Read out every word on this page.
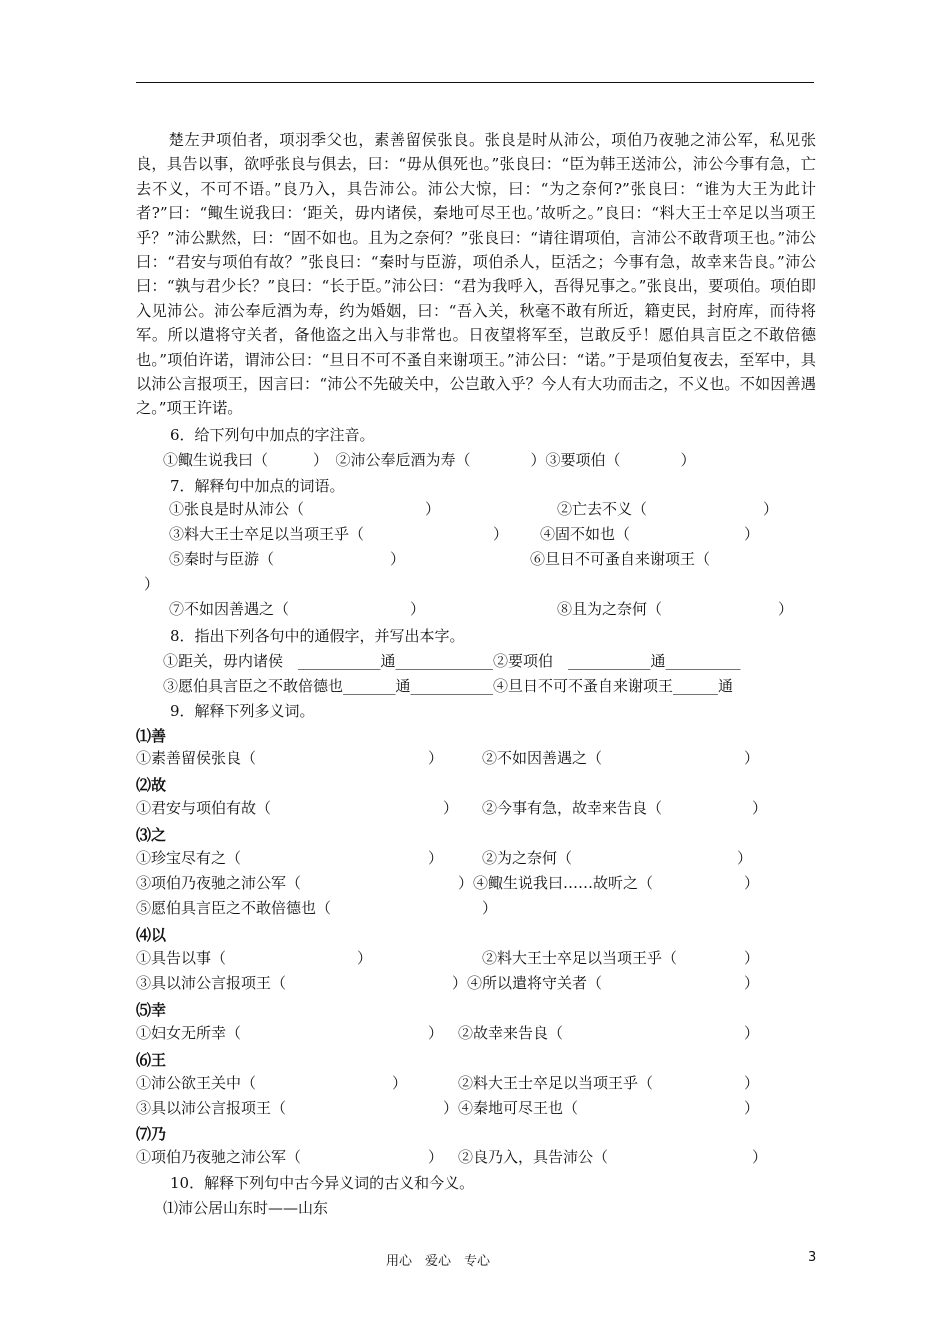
楚左尹项伯者，项羽季父也，素善留侯张良。张良是时从沛公，项伯乃夜驰之沛公军，私见张良，具告以事，欲呼张良与俱去，曰：“毋从俱死也。”张良曰：“臣为韩王送沛公，沛公今事有急，亡去不义，不可不语。”良乃入，具告沛公。沛公大惊，曰：“为之奈何?”张良曰：“谁为大王为此计者?”曰：“鲰生说我曰：‘距关，毋内诸侯，秦地可尽王也。’故听之。”良曰：“料大王士卒足以当项王乎？”沛公默然，曰：“固不如也。且为之奈何？”张良曰：“请往谓项伯，言沛公不敢背项王也。”沛公曰：“君安与项伯有故？”张良曰：“秦时与臣游，项伯杀人，臣活之；今事有急，故幸来告良。”沛公曰：“孰与君少长？”良曰：“长于臣。”沛公曰：“君为我呼入，吾得兄事之。”张良出，要项伯。项伯即入见沛公。沛公奉卮酒为寿，约为婚姻，曰：“吾入关，秋毫不敢有所近，籍吏民，封府库，而待将军。所以遣将守关者，备他盗之出入与非常也。日夜望将军至，岂敢反乎！愿伯具言臣之不敢倍德也。”项伯许诺，谓沛公曰：“旦日不可不蚤自来谢项王。”沛公曰：“诺。”于是项伯复夜去，至军中，具以沛公言报项王，因言曰：“沛公不先破关中，公岂敢入乎？今人有大功而击之，不义也。不如因善遇之。”项王许诺。

6．给下列句中加点的字注音。
①鲰生说我曰（　　　）　②沛公奉卮酒为寿（　　　　）③要项伯（　　　　）
7．解释句中加点的词语。
①张良是时从沛公（	）	②亡去不义（	）
③料大王士卒足以当项王乎（	） ④固不如也（	）
⑤秦时与臣游（	）	⑥旦日不可蚤自来谢项王（
）
⑦不如因善遇之（	）	⑧且为之奈何（	）
8．指出下列各句中的通假字，并写出本字。
①距关，毋内诸侯　___________通_____________②要项伯　___________通__________
③愿伯具言臣之不敢倍德也_______通___________④旦日不可不蚤自来谢项王______通
9．解释下列多义词。
⑴善
①素善留侯张良（	）	②不如因善遇之（	）
⑵故
①君安与项伯有故（	） ②今事有急，故幸来告良（	）
⑶之
①珍宝尽有之（	）	②为之奈何（	）
③项伯乃夜驰之沛公军（	）④鲰生说我曰……故听之（	）
⑤愿伯具言臣之不敢倍德也（	）
⑷以
①具告以事（	）	②料大王士卒足以当项王乎（	）
③具以沛公言报项王（	）④所以遣将守关者（	）
⑸幸
①妇女无所幸（	） ②故幸来告良（	）
⑹王
①沛公欲王关中（	）	②料大王士卒足以当项王乎（	）
③具以沛公言报项王（	）④秦地可尽王也（	）
⑺乃
①项伯乃夜驰之沛公军（	） ②良乃入，具告沛公（	）
10．解释下列句中古今异义词的古义和今义。
⑴沛公居山东时——山东
用心　爱心　专心	3
